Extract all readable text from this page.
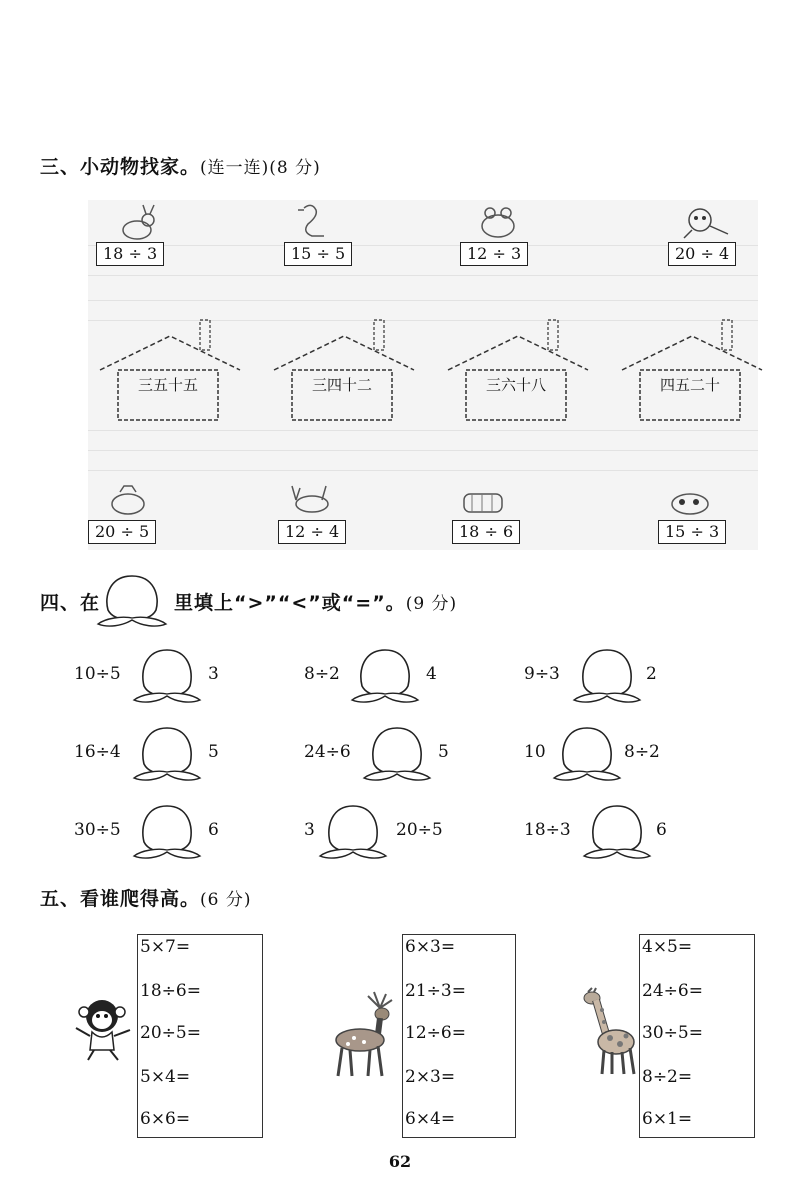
三、小动物找家。(连一连)(8 分)
18 ÷ 3	15 ÷ 5	12 ÷ 3	20 ÷ 4
三五十五	三四十二	三六十八	四五二十
20 ÷ 5	12 ÷ 4	18 ÷ 6	15 ÷ 3
四、在	里填上“>”“<”或“=”。(9 分)
10÷5	3	8÷2	4	9÷3	2
16÷4	5	24÷6	5	10	8÷2
30÷5	6	3	20÷5	18÷3	6
五、看谁爬得高。(6 分)
5×7=
18÷6=
20÷5=
5×4=
6×6=
6×3=
21÷3=
12÷6=
2×3=
6×4=
4×5=
24÷6=
30÷5=
8÷2=
6×1=
62
